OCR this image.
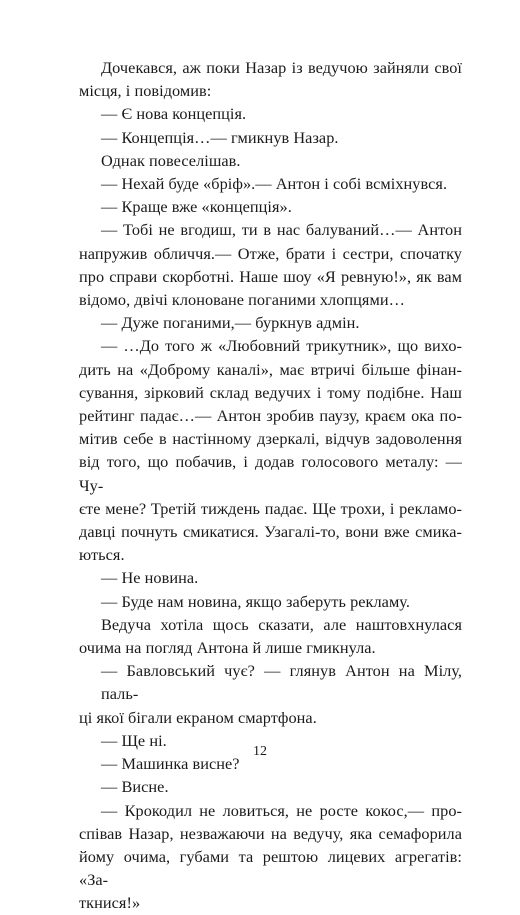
Дочекався, аж поки Назар із ведучою зайняли свої
місця, і повідомив:
— Є нова концепція.
— Концепція…— гмикнув Назар.
Однак повеселішав.
— Нехай буде «бріф».— Антон і собі всміхнувся.
— Краще вже «концепція».
— Тобі не вгодиш, ти в нас балуваний…— Антон
напружив обличчя.— Отже, брати і сестри, спочатку
про справи скорботні. Наше шоу «Я ревную!», як вам
відомо, двічі клоноване поганими хлопцями…
— Дуже поганими,— буркнув адмін.
— …До того ж «Любовний трикутник», що вихо-
дить на «Доброму каналі», має втричі більше фінан-
сування, зірковий склад ведучих і тому подібне. Наш
рейтинг падає…— Антон зробив паузу, краєм ока по-
мітив себе в настінному дзеркалі, відчув задоволення
від того, що побачив, і додав голосового металу: — Чу-
єте мене? Третій тиждень падає. Ще трохи, і рекламо-
давці почнуть смикатися. Узагалі-то, вони вже смика-
ються.
— Не новина.
— Буде нам новина, якщо заберуть рекламу.
Ведуча хотіла щось сказати, але наштовхнулася
очима на погляд Антона й лише гмикнула.
— Бавловський чує? — глянув Антон на Мілу, паль-
ці якої бігали екраном смартфона.
— Ще ні.
— Машинка висне?
— Висне.
— Крокодил не ловиться, не росте кокос,— про-
співав Назар, незважаючи на ведучу, яка семафорила
йому очима, губами та рештою лицевих агрегатів: «За-
ткнися!»
12
